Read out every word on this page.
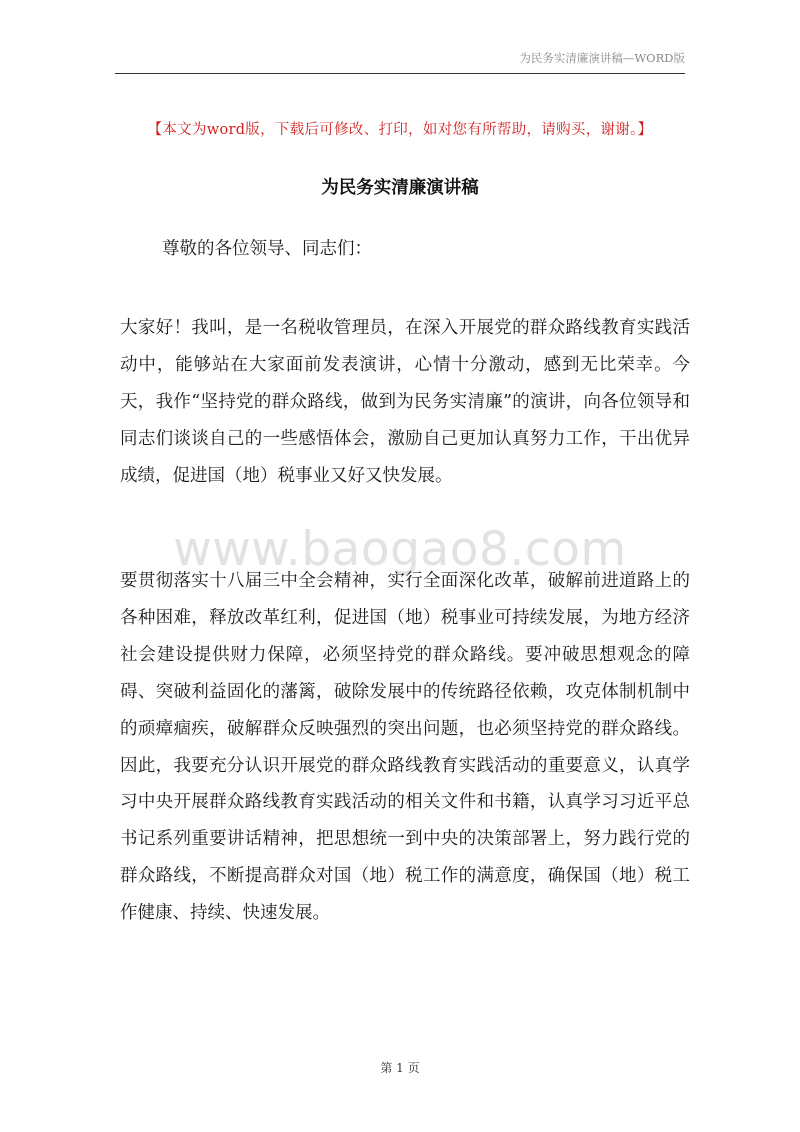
为民务实清廉演讲稿—WORD版
【本文为word版，下载后可修改、打印，如对您有所帮助，请购买，谢谢。】
为民务实清廉演讲稿

尊敬的各位领导、同志们：

大家好！我叫，是一名税收管理员，在深入开展党的群众路线教育实践活动中，能够站在大家面前发表演讲，心情十分激动，感到无比荣幸。今天，我作“坚持党的群众路线，做到为民务实清廉”的演讲，向各位领导和同志们谈谈自己的一些感悟体会，激励自己更加认真努力工作，干出优异成绩，促进国（地）税事业又好又快发展。

www.baogao8.com

要贯彻落实十八届三中全会精神，实行全面深化改革，破解前进道路上的各种困难，释放改革红利，促进国（地）税事业可持续发展，为地方经济社会建设提供财力保障，必须坚持党的群众路线。要冲破思想观念的障碍、突破利益固化的藩篱，破除发展中的传统路径依赖，攻克体制机制中的顽瘴痼疾，破解群众反映强烈的突出问题，也必须坚持党的群众路线。因此，我要充分认识开展党的群众路线教育实践活动的重要意义，认真学习中央开展群众路线教育实践活动的相关文件和书籍，认真学习习近平总书记系列重要讲话精神，把思想统一到中央的决策部署上，努力践行党的群众路线，不断提高群众对国（地）税工作的满意度，确保国（地）税工作健康、持续、快速发展。

第 1 页
